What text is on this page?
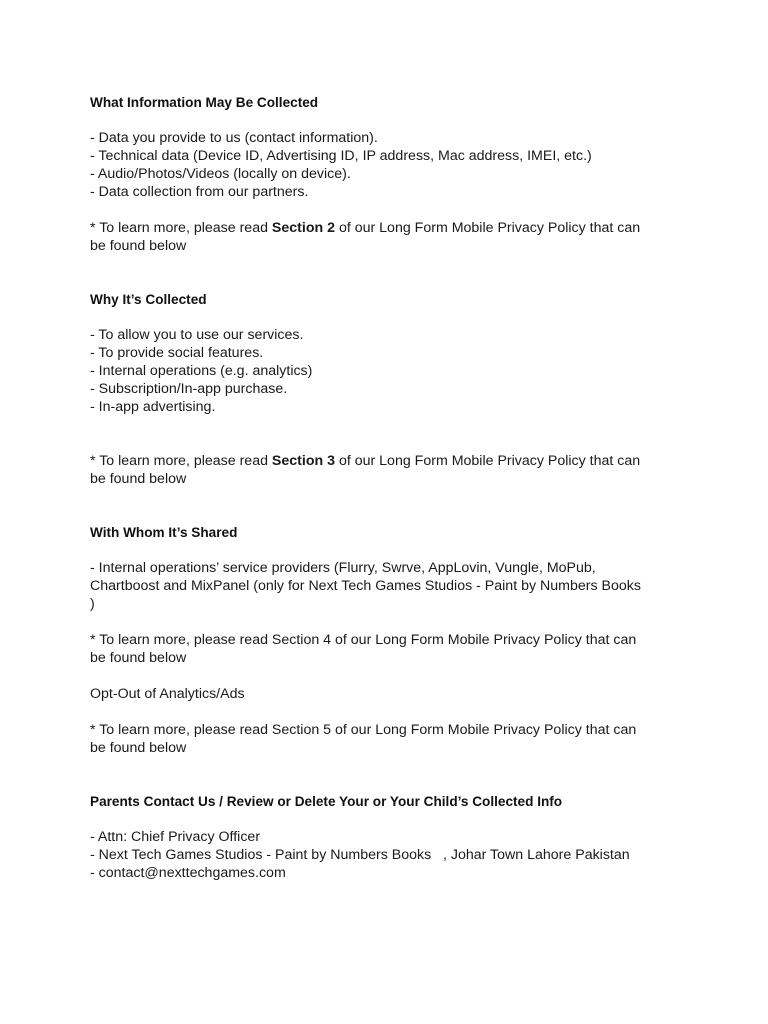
What Information May Be Collected
- Data you provide to us (contact information).
- Technical data (Device ID, Advertising ID, IP address, Mac address, IMEI, etc.)
- Audio/Photos/Videos (locally on device).
- Data collection from our partners.
* To learn more, please read Section 2 of our Long Form Mobile Privacy Policy that can
be found below
Why It’s Collected
- To allow you to use our services.
- To provide social features.
- Internal operations (e.g. analytics)
- Subscription/In-app purchase.
- In-app advertising.
* To learn more, please read Section 3 of our Long Form Mobile Privacy Policy that can
be found below
With Whom It’s Shared
- Internal operations’ service providers (Flurry, Swrve, AppLovin, Vungle, MoPub,
Chartboost and MixPanel (only for Next Tech Games Studios - Paint by Numbers Books
)
* To learn more, please read Section 4 of our Long Form Mobile Privacy Policy that can
be found below
Opt-Out of Analytics/Ads
* To learn more, please read Section 5 of our Long Form Mobile Privacy Policy that can
be found below
Parents Contact Us / Review or Delete Your or Your Child’s Collected Info
- Attn: Chief Privacy Officer
- Next Tech Games Studios - Paint by Numbers Books   , Johar Town Lahore Pakistan
- contact@nexttechgames.com
